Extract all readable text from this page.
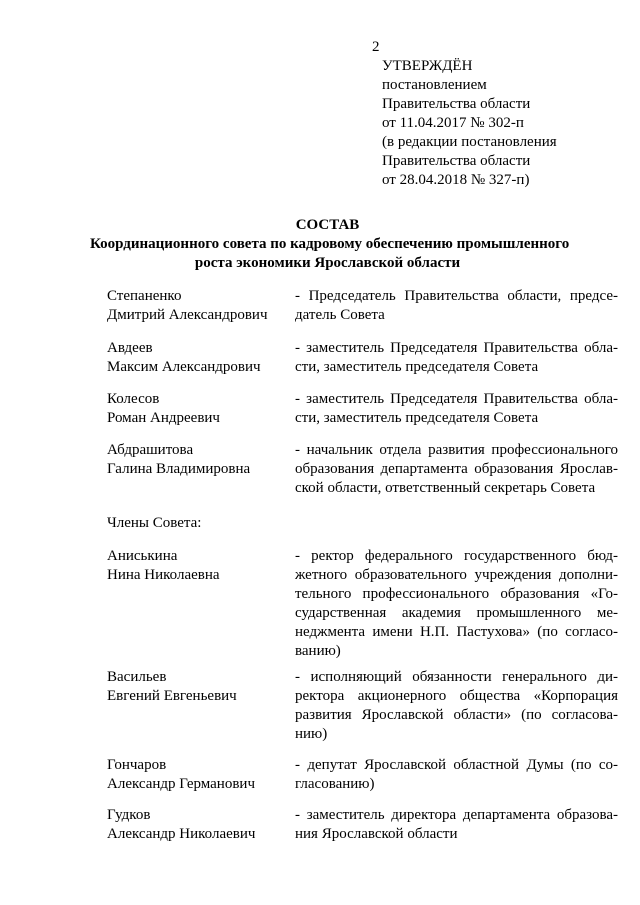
2
УТВЕРЖДЁН
постановлением
Правительства области
от 11.04.2017 № 302-п
(в редакции постановления
Правительства области
от 28.04.2018 № 327-п)
СОСТАВ
Координационного совета по кадровому обеспечению промышленного
роста экономики Ярославской области
Степаненко
Дмитрий Александрович
- Председатель Правительства области, предсе-
датель Совета
Авдеев
Максим Александрович
- заместитель Председателя Правительства обла-
сти, заместитель председателя Совета
Колесов
Роман Андреевич
- заместитель Председателя Правительства обла-
сти, заместитель председателя Совета
Абдрашитова
Галина Владимировна
- начальник отдела развития профессионального
образования департамента образования Ярослав-
ской области, ответственный секретарь Совета
Члены Совета:
Аниськина
Нина Николаевна
- ректор федерального государственного бюд-
жетного образовательного учреждения дополни-
тельного профессионального образования «Го-
сударственная академия промышленного ме-
неджмента имени Н.П. Пастухова» (по согласо-
ванию)
Васильев
Евгений Евгеньевич
- исполняющий обязанности генерального ди-
ректора акционерного общества «Корпорация
развития Ярославской области» (по согласова-
нию)
Гончаров
Александр Германович
- депутат Ярославской областной Думы (по со-
гласованию)
Гудков
Александр Николаевич
- заместитель директора департамента образова-
ния Ярославской области
